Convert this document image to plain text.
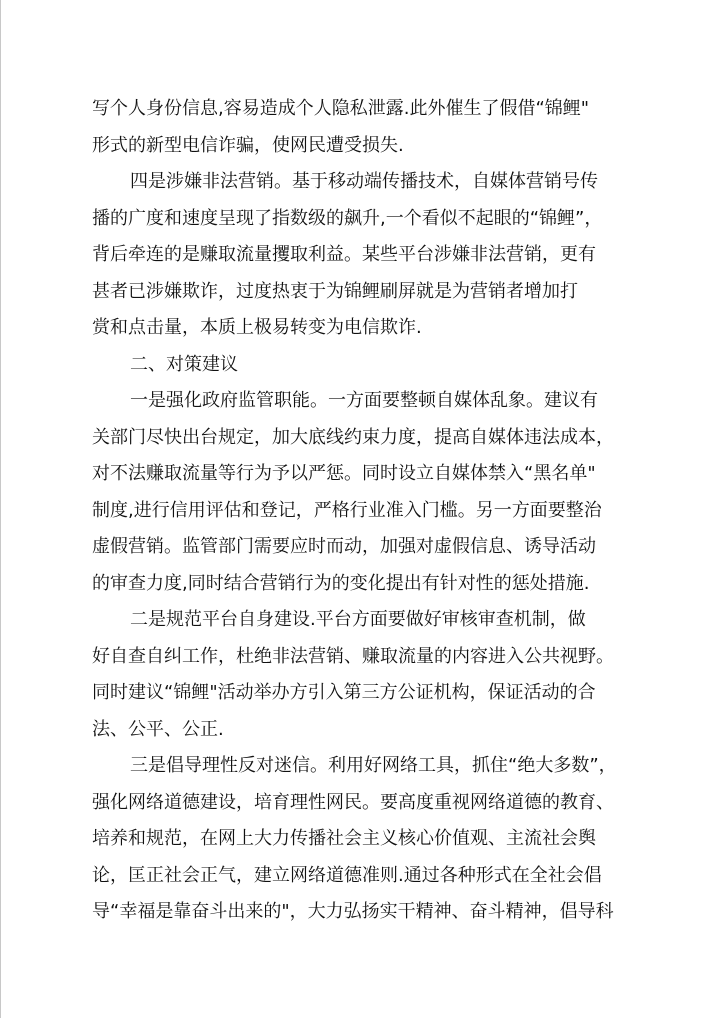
写个人身份信息,容易造成个人隐私泄露.此外催生了假借“锦鲤"
形式的新型电信诈骗，使网民遭受损失.
四是涉嫌非法营销。基于移动端传播技术，自媒体营销号传
播的广度和速度呈现了指数级的飙升,一个看似不起眼的“锦鲤”，
背后牵连的是赚取流量攫取利益。某些平台涉嫌非法营销，更有
甚者已涉嫌欺诈，过度热衷于为锦鲤刷屏就是为营销者增加打
赏和点击量，本质上极易转变为电信欺诈.
二、对策建议
一是强化政府监管职能。一方面要整顿自媒体乱象。建议有
关部门尽快出台规定，加大底线约束力度，提高自媒体违法成本，
对不法赚取流量等行为予以严惩。同时设立自媒体禁入“黑名单"
制度,进行信用评估和登记，严格行业准入门槛。另一方面要整治
虚假营销。监管部门需要应时而动，加强对虚假信息、诱导活动
的审查力度,同时结合营销行为的变化提出有针对性的惩处措施.
二是规范平台自身建设.平台方面要做好审核审查机制，做
好自查自纠工作，杜绝非法营销、赚取流量的内容进入公共视野。
同时建议“锦鲤"活动举办方引入第三方公证机构，保证活动的合
法、公平、公正.
三是倡导理性反对迷信。利用好网络工具，抓住“绝大多数”，
强化网络道德建设，培育理性网民。要高度重视网络道德的教育、
培养和规范，在网上大力传播社会主义核心价值观、主流社会舆
论，匡正社会正气，建立网络道德准则.通过各种形式在全社会倡
导“幸福是靠奋斗出来的"，大力弘扬实干精神、奋斗精神，倡导科
